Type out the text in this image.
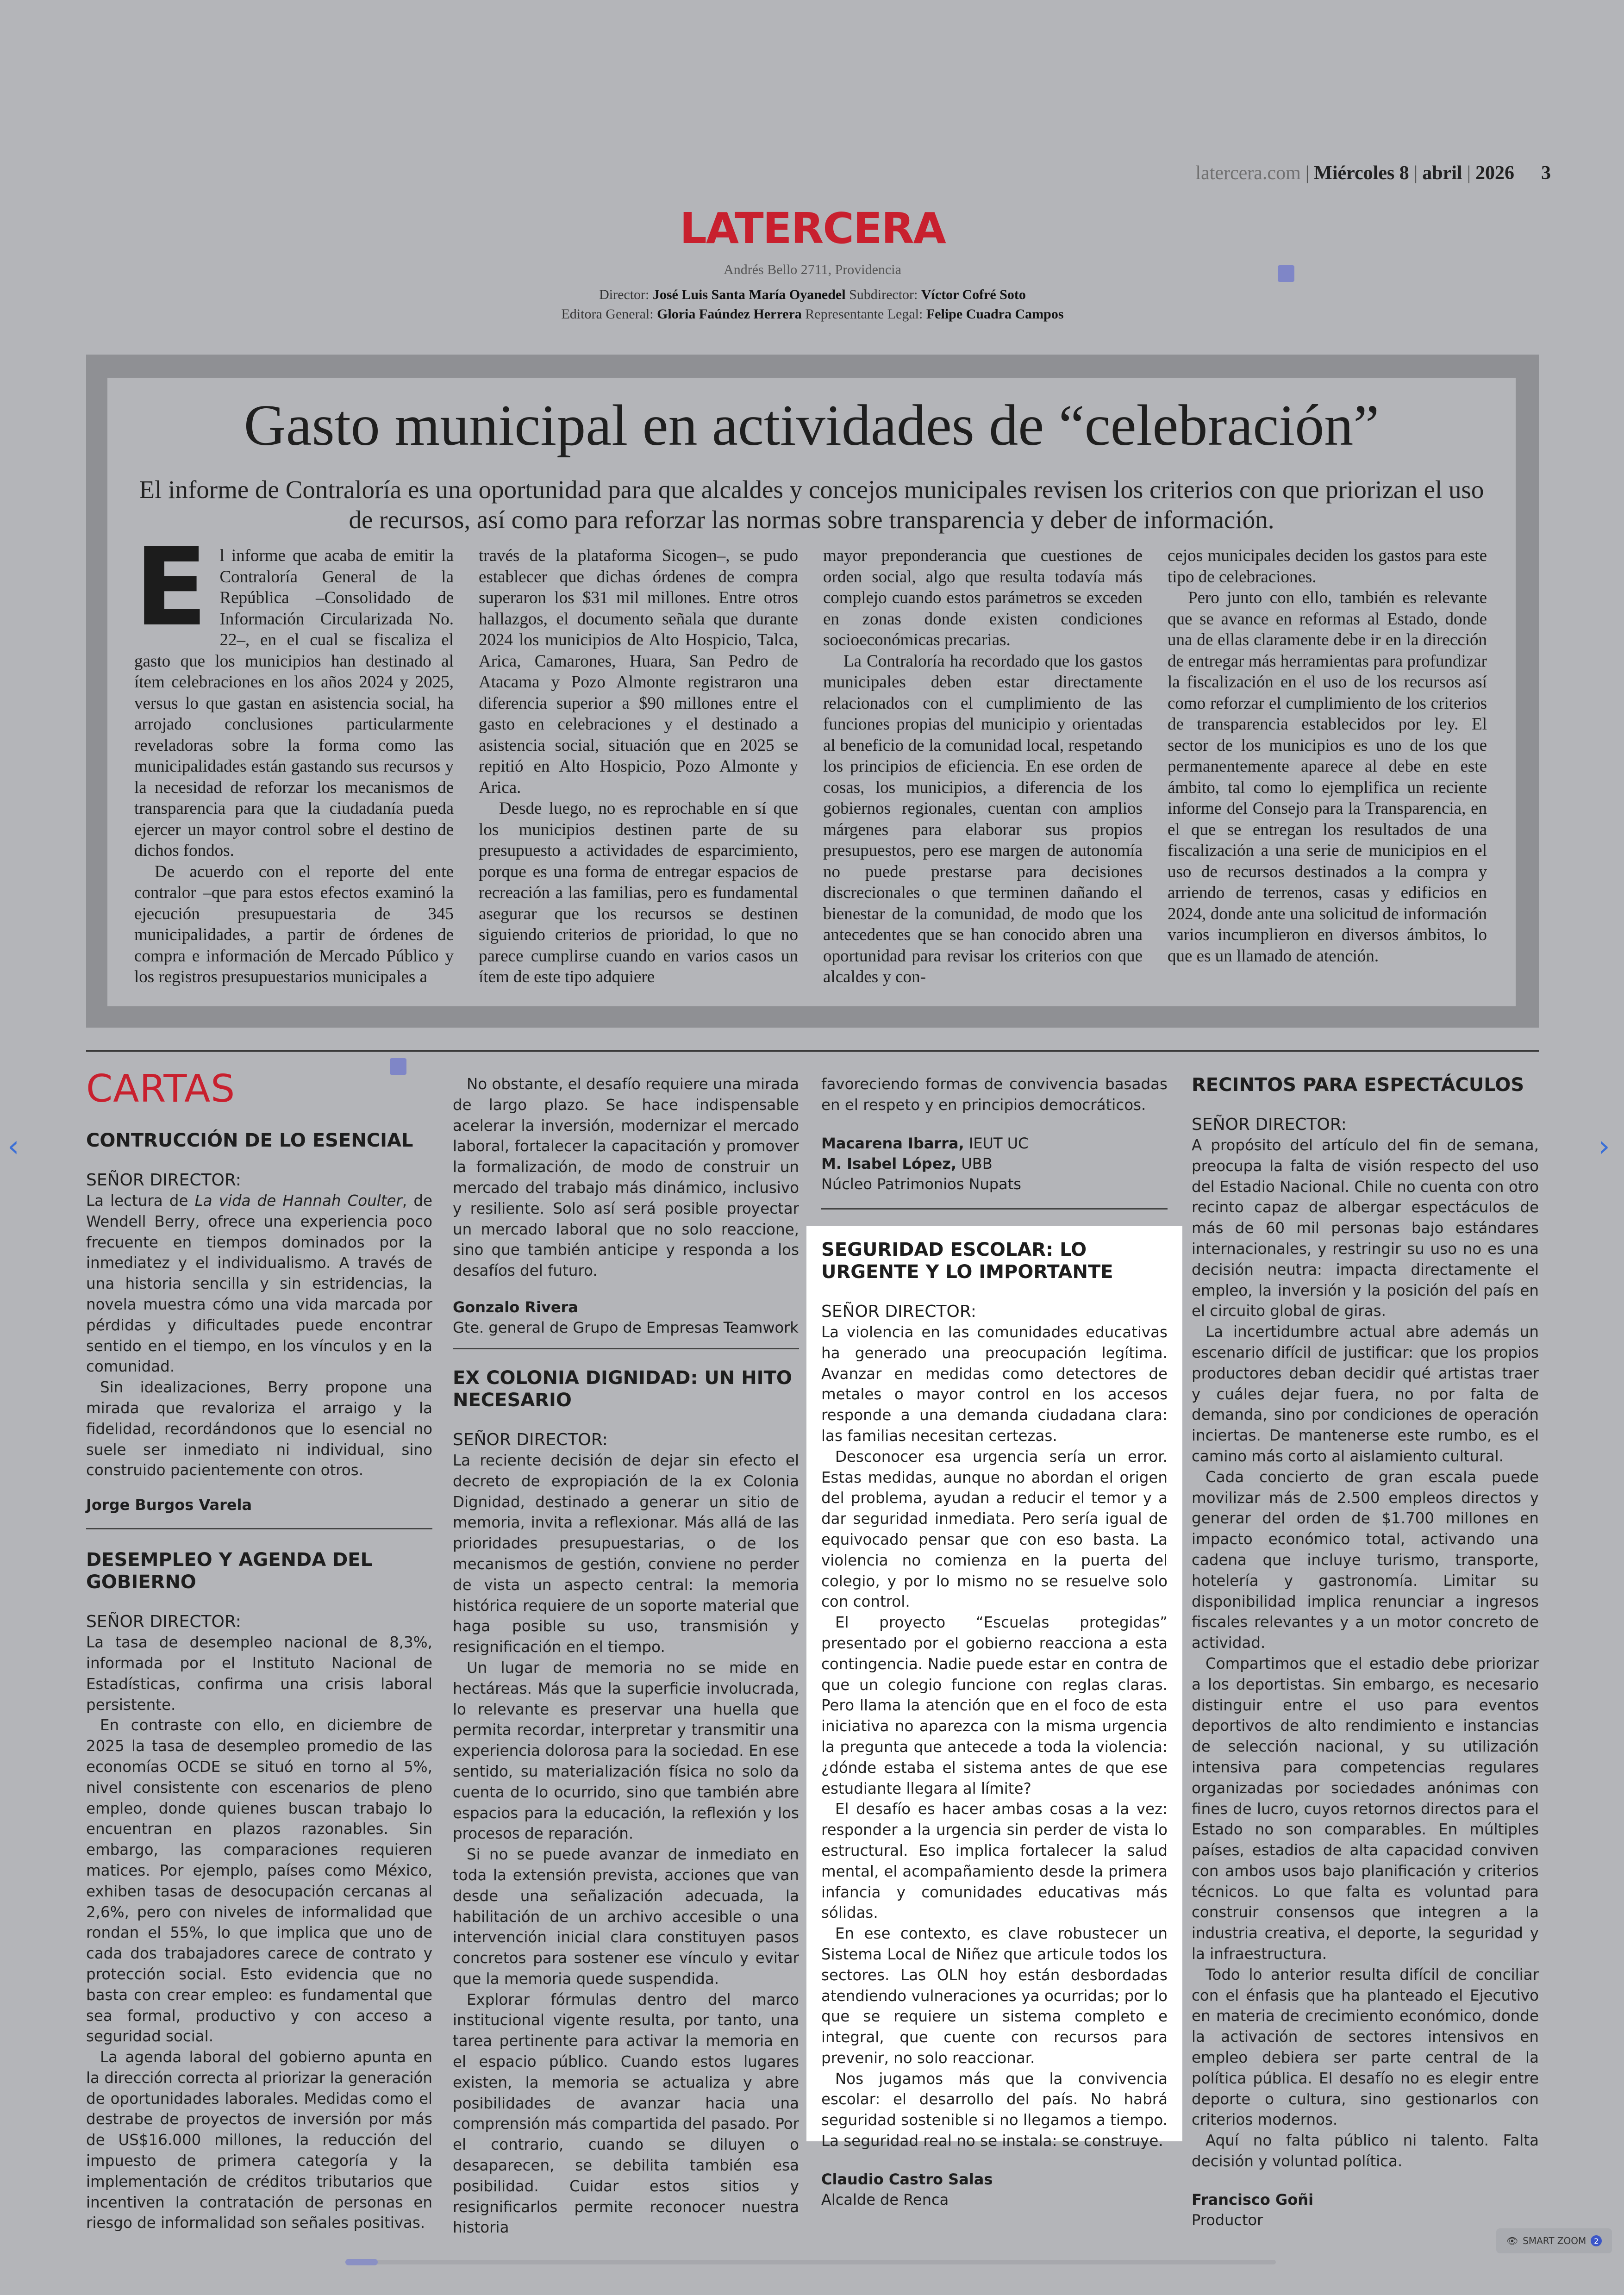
latercera.com | Miércoles 8 | abril | 2026 3
LATERCERA
Andrés Bello 2711, Providencia
Director: José Luis Santa María Oyanedel Subdirector: Víctor Cofré Soto
Editora General: Gloria Faúndez Herrera Representante Legal: Felipe Cuadra Campos
Gasto municipal en actividades de “celebración”
El informe de Contraloría es una oportunidad para que alcaldes y concejos municipales revisen los criterios con que priorizan el uso de recursos, así como para reforzar las normas sobre transparencia y deber de información.
E l informe que acaba de emitir la Contraloría General de la República –Consolidado de Información Circularizada No. 22–, en el cual se fiscaliza el gasto que los municipios han destinado al ítem celebraciones en los años 2024 y 2025, versus lo que gastan en asistencia social, ha arrojado conclusiones particularmente reveladoras sobre la forma como las municipalidades están gastando sus recursos y la necesidad de reforzar los mecanismos de transparencia para que la ciudadanía pueda ejercer un mayor control sobre el destino de dichos fondos.

De acuerdo con el reporte del ente contralor –que para estos efectos examinó la ejecución presupuestaria de 345 municipalidades, a partir de órdenes de compra e información de Mercado Público y los registros presupuestarios municipales a

través de la plataforma Sicogen–, se pudo establecer que dichas órdenes de compra superaron los $31 mil millones. Entre otros hallazgos, el documento señala que durante 2024 los municipios de Alto Hospicio, Talca, Arica, Camarones, Huara, San Pedro de Atacama y Pozo Almonte registraron una diferencia superior a $90 millones entre el gasto en celebraciones y el destinado a asistencia social, situación que en 2025 se repitió en Alto Hospicio, Pozo Almonte y Arica.

Desde luego, no es reprochable en sí que los municipios destinen parte de su presupuesto a actividades de esparcimiento, porque es una forma de entregar espacios de recreación a las familias, pero es fundamental asegurar que los recursos se destinen siguiendo criterios de prioridad, lo que no parece cumplirse cuando en varios casos un ítem de este tipo adquiere

mayor preponderancia que cuestiones de orden social, algo que resulta todavía más complejo cuando estos parámetros se exceden en zonas donde existen condiciones socioeconómicas precarias.

La Contraloría ha recordado que los gastos municipales deben estar directamente relacionados con el cumplimiento de las funciones propias del municipio y orientadas al beneficio de la comunidad local, respetando los principios de eficiencia. En ese orden de cosas, los municipios, a diferencia de los gobiernos regionales, cuentan con amplios márgenes para elaborar sus propios presupuestos, pero ese margen de autonomía no puede prestarse para decisiones discrecionales o que terminen dañando el bienestar de la comunidad, de modo que los antecedentes que se han conocido abren una oportunidad para revisar los criterios con que alcaldes y con-

cejos municipales deciden los gastos para este tipo de celebraciones.

Pero junto con ello, también es relevante que se avance en reformas al Estado, donde una de ellas claramente debe ir en la dirección de entregar más herramientas para profundizar la fiscalización en el uso de los recursos así como reforzar el cumplimiento de los criterios de transparencia establecidos por ley. El sector de los municipios es uno de los que permanentemente aparece al debe en este ámbito, tal como lo ejemplifica un reciente informe del Consejo para la Transparencia, en el que se entregan los resultados de una fiscalización a una serie de municipios en el uso de recursos destinados a la compra y arriendo de terrenos, casas y edificios en 2024, donde ante una solicitud de información varios incumplieron en diversos ámbitos, lo que es un llamado de atención.

CARTAS
CONTRUCCIÓN DE LO ESENCIAL
SEÑOR DIRECTOR:

La lectura de La vida de Hannah Coulter, de Wendell Berry, ofrece una experiencia poco frecuente en tiempos dominados por la inmediatez y el individualismo. A través de una historia sencilla y sin estridencias, la novela muestra cómo una vida marcada por pérdidas y dificultades puede encontrar sentido en el tiempo, en los vínculos y en la comunidad.

Sin idealizaciones, Berry propone una mirada que revaloriza el arraigo y la fidelidad, recordándonos que lo esencial no suele ser inmediato ni individual, sino construido pacientemente con otros.

Jorge Burgos Varela
DESEMPLEO Y AGENDA DEL GOBIERNO
SEÑOR DIRECTOR:

La tasa de desempleo nacional de 8,3%, informada por el Instituto Nacional de Estadísticas, confirma una crisis laboral persistente.

En contraste con ello, en diciembre de 2025 la tasa de desempleo promedio de las economías OCDE se situó en torno al 5%, nivel consistente con escenarios de pleno empleo, donde quienes buscan trabajo lo encuentran en plazos razonables. Sin embargo, las comparaciones requieren matices. Por ejemplo, países como México, exhiben tasas de desocupación cercanas al 2,6%, pero con niveles de informalidad que rondan el 55%, lo que implica que uno de cada dos trabajadores carece de contrato y protección social. Esto evidencia que no basta con crear empleo: es fundamental que sea formal, productivo y con acceso a seguridad social.

La agenda laboral del gobierno apunta en la dirección correcta al priorizar la generación de oportunidades laborales. Medidas como el destrabe de proyectos de inversión por más de US$16.000 millones, la reducción del impuesto de primera categoría y la implementación de créditos tributarios que incentiven la contratación de personas en riesgo de informalidad son señales positivas.

No obstante, el desafío requiere una mirada de largo plazo. Se hace indispensable acelerar la inversión, modernizar el mercado laboral, fortalecer la capacitación y promover la formalización, de modo de construir un mercado del trabajo más dinámico, inclusivo y resiliente. Solo así será posible proyectar un mercado laboral que no solo reaccione, sino que también anticipe y responda a los desafíos del futuro.

Gonzalo Rivera
Gte. general de Grupo de Empresas Teamwork
EX COLONIA DIGNIDAD: UN HITO NECESARIO
SEÑOR DIRECTOR:

La reciente decisión de dejar sin efecto el decreto de expropiación de la ex Colonia Dignidad, destinado a generar un sitio de memoria, invita a reflexionar. Más allá de las prioridades presupuestarias, o de los mecanismos de gestión, conviene no perder de vista un aspecto central: la memoria histórica requiere de un soporte material que haga posible su uso, transmisión y resignificación en el tiempo.

Un lugar de memoria no se mide en hectáreas. Más que la superficie involucrada, lo relevante es preservar una huella que permita recordar, interpretar y transmitir una experiencia dolorosa para la sociedad. En ese sentido, su materialización física no solo da cuenta de lo ocurrido, sino que también abre espacios para la educación, la reflexión y los procesos de reparación.

Si no se puede avanzar de inmediato en toda la extensión prevista, acciones que van desde una señalización adecuada, la habilitación de un archivo accesible o una intervención inicial clara constituyen pasos concretos para sostener ese vínculo y evitar que la memoria quede suspendida.

Explorar fórmulas dentro del marco institucional vigente resulta, por tanto, una tarea pertinente para activar la memoria en el espacio público. Cuando estos lugares existen, la memoria se actualiza y abre posibilidades de avanzar hacia una comprensión más compartida del pasado. Por el contrario, cuando se diluyen o desaparecen, se debilita también esa posibilidad. Cuidar estos sitios y resignificarlos permite reconocer nuestra historia

favoreciendo formas de convivencia basadas en el respeto y en principios democráticos.

Macarena Ibarra, IEUT UC
M. Isabel López, UBB
Núcleo Patrimonios Nupats
SEGURIDAD ESCOLAR: LO URGENTE Y LO IMPORTANTE
SEÑOR DIRECTOR:

La violencia en las comunidades educativas ha generado una preocupación legítima. Avanzar en medidas como detectores de metales o mayor control en los accesos responde a una demanda ciudadana clara: las familias necesitan certezas.

Desconocer esa urgencia sería un error. Estas medidas, aunque no abordan el origen del problema, ayudan a reducir el temor y a dar seguridad inmediata. Pero sería igual de equivocado pensar que con eso basta. La violencia no comienza en la puerta del colegio, y por lo mismo no se resuelve solo con control.

El proyecto “Escuelas protegidas” presentado por el gobierno reacciona a esta contingencia. Nadie puede estar en contra de que un colegio funcione con reglas claras. Pero llama la atención que en el foco de esta iniciativa no aparezca con la misma urgencia la pregunta que antecede a toda la violencia: ¿dónde estaba el sistema antes de que ese estudiante llegara al límite?

El desafío es hacer ambas cosas a la vez: responder a la urgencia sin perder de vista lo estructural. Eso implica fortalecer la salud mental, el acompañamiento desde la primera infancia y comunidades educativas más sólidas.

En ese contexto, es clave robustecer un Sistema Local de Niñez que articule todos los sectores. Las OLN hoy están desbordadas atendiendo vulneraciones ya ocurridas; por lo que se requiere un sistema completo e integral, que cuente con recursos para prevenir, no solo reaccionar.

Nos jugamos más que la convivencia escolar: el desarrollo del país. No habrá seguridad sostenible si no llegamos a tiempo. La seguridad real no se instala: se construye.

Claudio Castro Salas
Alcalde de Renca
RECINTOS PARA ESPECTÁCULOS
SEÑOR DIRECTOR:

A propósito del artículo del fin de semana, preocupa la falta de visión respecto del uso del Estadio Nacional. Chile no cuenta con otro recinto capaz de albergar espectáculos de más de 60 mil personas bajo estándares internacionales, y restringir su uso no es una decisión neutra: impacta directamente el empleo, la inversión y la posición del país en el circuito global de giras.

La incertidumbre actual abre además un escenario difícil de justificar: que los propios productores deban decidir qué artistas traer y cuáles dejar fuera, no por falta de demanda, sino por condiciones de operación inciertas. De mantenerse este rumbo, es el camino más corto al aislamiento cultural.

Cada concierto de gran escala puede movilizar más de 2.500 empleos directos y generar del orden de $1.700 millones en impacto económico total, activando una cadena que incluye turismo, transporte, hotelería y gastronomía. Limitar su disponibilidad implica renunciar a ingresos fiscales relevantes y a un motor concreto de actividad.

Compartimos que el estadio debe priorizar a los deportistas. Sin embargo, es necesario distinguir entre el uso para eventos deportivos de alto rendimiento e instancias de selección nacional, y su utilización intensiva para competencias regulares organizadas por sociedades anónimas con fines de lucro, cuyos retornos directos para el Estado no son comparables. En múltiples países, estadios de alta capacidad conviven con ambos usos bajo planificación y criterios técnicos. Lo que falta es voluntad para construir consensos que integren a la industria creativa, el deporte, la seguridad y la infraestructura.

Todo lo anterior resulta difícil de conciliar con el énfasis que ha planteado el Ejecutivo en materia de crecimiento económico, donde la activación de sectores intensivos en empleo debiera ser parte central de la política pública. El desafío no es elegir entre deporte o cultura, sino gestionarlos con criterios modernos.

Aquí no falta público ni talento. Falta decisión y voluntad política.

Francisco Goñi
Productor
‹	›
👁 SMART ZOOM	2
